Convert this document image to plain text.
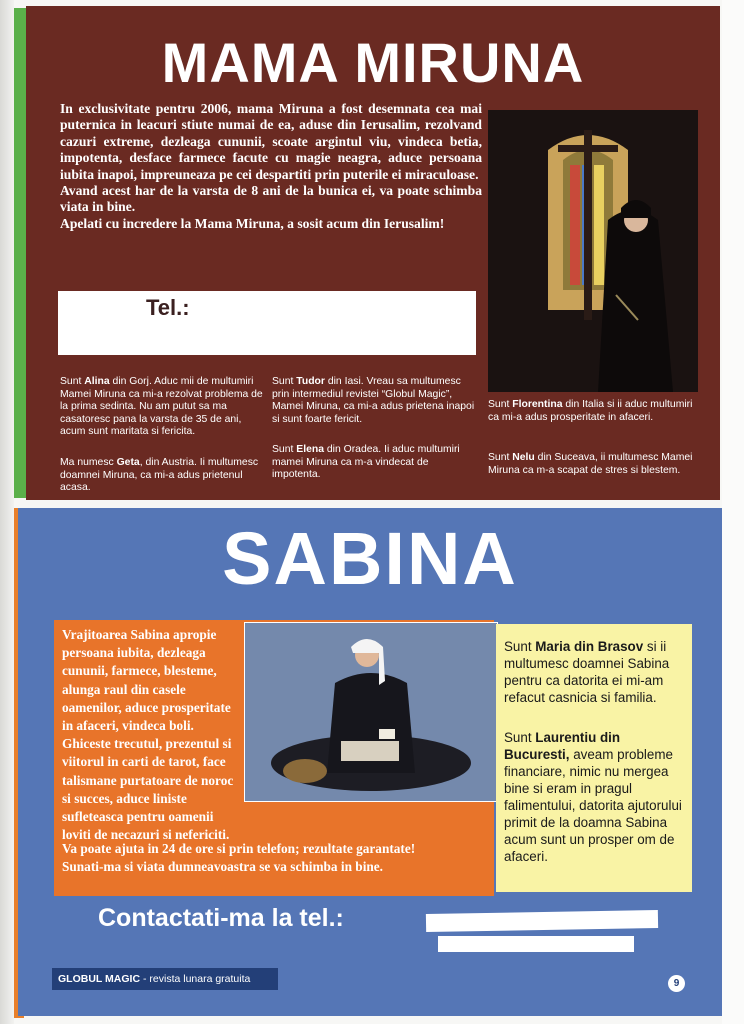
MAMA MIRUNA

In exclusivitate pentru 2006, mama Miruna a fost desemnata cea mai puternica in leacuri stiute numai de ea, aduse din Ierusalim, rezolvand cazuri extreme, dezleaga cununii, scoate argintul viu, vindeca betia, impotenta, desface farmece facute cu magie neagra, aduce persoana iubita inapoi, impreuneaza pe cei despartiti prin puterile ei miraculoase.

Avand acest har de la varsta de 8 ani de la bunica ei, va poate schimba viata in bine.

Apelati cu incredere la Mama Miruna, a sosit acum din Ierusalim!

Tel.:
Sunt Alina din Gorj. Aduc mii de multumiri Mamei Miruna ca mi-a rezolvat problema de la prima sedinta. Nu am putut sa ma casatoresc pana la varsta de 35 de ani, acum sunt maritata si fericita.
Ma numesc Geta, din Austria. Ii multumesc doamnei Miruna, ca mi-a adus prietenul acasa.
Sunt Tudor din Iasi. Vreau sa multumesc prin intermediul revistei “Globul Magic”, Mamei Miruna, ca mi-a adus prietena inapoi si sunt foarte fericit.
Sunt Elena din Oradea. Ii aduc multumiri mamei Miruna ca m-a vindecat de impotenta.
Sunt Florentina din Italia si ii aduc multumiri ca mi-a adus prosperitate in afaceri.
Sunt Nelu din Suceava, ii multumesc Mamei Miruna ca m-a scapat de stres si blestem.
SABINA

Vrajitoarea Sabina apropie persoana iubita, dezleaga cununii, farmece, blesteme, alunga raul din casele oamenilor, aduce prosperitate in afaceri, vindeca boli. Ghiceste trecutul, prezentul si viitorul in carti de tarot, face talismane purtatoare de noroc si succes, aduce liniste sufleteasca pentru oamenii loviti de necazuri si nefericiti.
Va poate ajuta in 24 de ore si prin telefon; rezultate garantate!
Sunati-ma si viata dumneavoastra se va schimba in bine.
Sunt Maria din Brasov si ii multumesc doamnei Sabina pentru ca datorita ei mi-am refacut casnicia si familia.
Sunt Laurentiu din Bucuresti, aveam probleme financiare, nimic nu mergea bine si eram in pragul falimentului, datorita ajutorului primit de la doamna Sabina acum sunt un prosper om de afaceri.
Contactati-ma la tel.:
GLOBUL MAGIC - revista lunara gratuita	9
